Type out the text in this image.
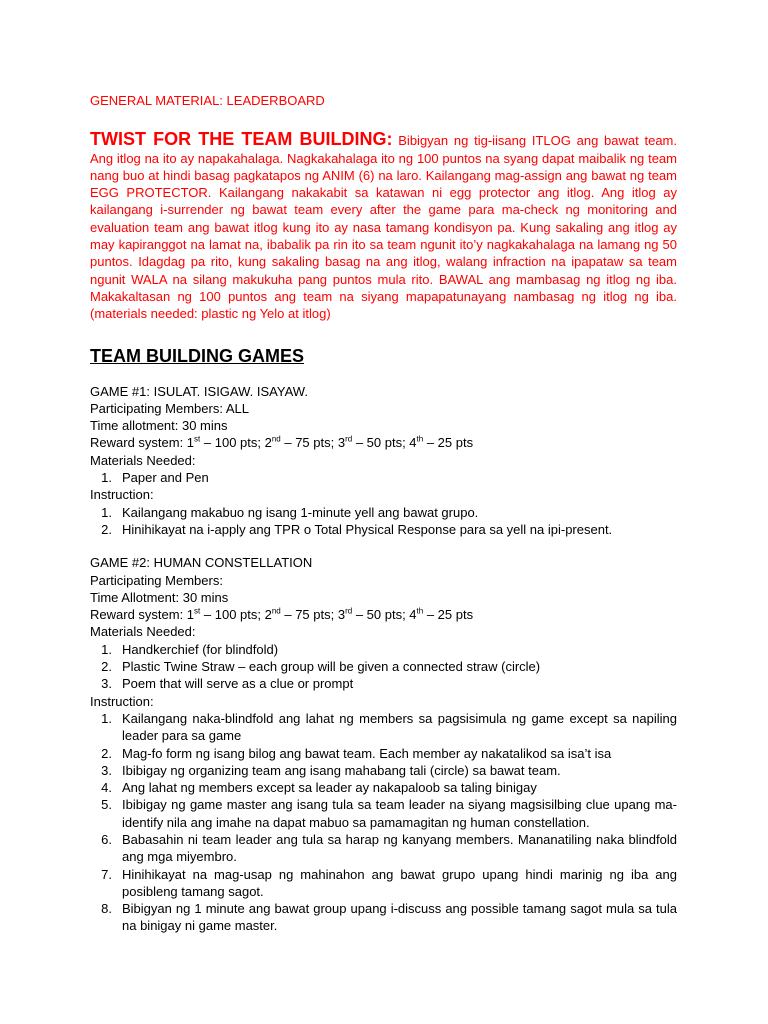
GENERAL MATERIAL: LEADERBOARD

TWIST FOR THE TEAM BUILDING: Bibigyan ng tig-iisang ITLOG ang bawat team. Ang itlog na ito ay napakahalaga. Nagkakahalaga ito ng 100 puntos na syang dapat maibalik ng team nang buo at hindi basag pagkatapos ng ANIM (6) na laro. Kailangang mag-assign ang bawat ng team EGG PROTECTOR. Kailangang nakakabit sa katawan ni egg protector ang itlog. Ang itlog ay kailangang i-surrender ng bawat team every after the game para ma-check ng monitoring and evaluation team ang bawat itlog kung ito ay nasa tamang kondisyon pa. Kung sakaling ang itlog ay may kapiranggot na lamat na, ibabalik pa rin ito sa team ngunit ito’y nagkakahalaga na lamang ng 50 puntos. Idagdag pa rito, kung sakaling basag na ang itlog, walang infraction na ipapataw sa team ngunit WALA na silang makukuha pang puntos mula rito. BAWAL ang mambasag ng itlog ng iba. Makakaltasan ng 100 puntos ang team na siyang mapapatunayang nambasag ng itlog ng iba. (materials needed: plastic ng Yelo at itlog)

TEAM BUILDING GAMES

GAME #1: ISULAT. ISIGAW. ISAYAW.

Participating Members: ALL

Time allotment: 30 mins

Reward system: 1st – 100 pts; 2nd – 75 pts; 3rd – 50 pts; 4th – 25 pts

Materials Needed:

1. Paper and Pen

Instruction:

1. Kailangang makabuo ng isang 1-minute yell ang bawat grupo.
2. Hinihikayat na i-apply ang TPR o Total Physical Response para sa yell na ipi-present.

GAME #2: HUMAN CONSTELLATION

Participating Members:

Time Allotment: 30 mins

Reward system: 1st – 100 pts; 2nd – 75 pts; 3rd – 50 pts; 4th – 25 pts

Materials Needed:

1. Handkerchief (for blindfold)
2. Plastic Twine Straw – each group will be given a connected straw (circle)
3. Poem that will serve as a clue or prompt

Instruction:

1. Kailangang naka-blindfold ang lahat ng members sa pagsisimula ng game except sa napiling leader para sa game
2. Mag-fo form ng isang bilog ang bawat team. Each member ay nakatalikod sa isa’t isa
3. Ibibigay ng organizing team ang isang mahabang tali (circle) sa bawat team.
4. Ang lahat ng members except sa leader ay nakapaloob sa taling binigay
5. Ibibigay ng game master ang isang tula sa team leader na siyang magsisilbing clue upang ma-identify nila ang imahe na dapat mabuo sa pamamagitan ng human constellation.
6. Babasahin ni team leader ang tula sa harap ng kanyang members. Mananatiling naka blindfold ang mga miyembro.
7. Hinihikayat na mag-usap ng mahinahon ang bawat grupo upang hindi marinig ng iba ang posibleng tamang sagot.
8. Bibigyan ng 1 minute ang bawat group upang i-discuss ang possible tamang sagot mula sa tula na binigay ni game master.
